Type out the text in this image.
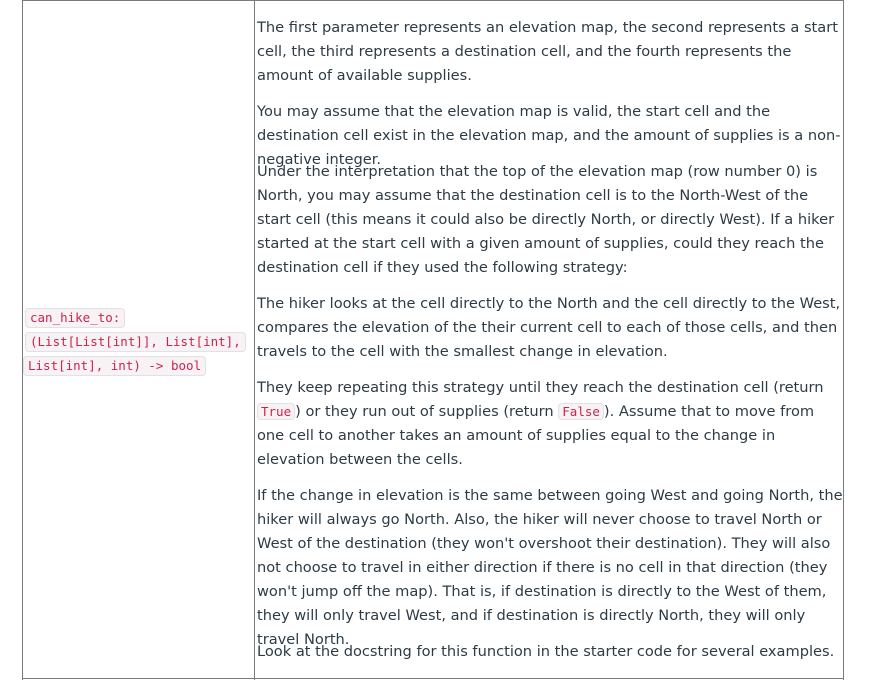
can_hike_to:
(List[List[int]], List[int],
List[int], int) -> bool

The first parameter represents an elevation map, the second represents a start cell, the third represents a destination cell, and the fourth represents the amount of available supplies.

You may assume that the elevation map is valid, the start cell and the destination cell exist in the elevation map, and the amount of supplies is a non-negative integer.

Under the interpretation that the top of the elevation map (row number 0) is North, you may assume that the destination cell is to the North-West of the start cell (this means it could also be directly North, or directly West). If a hiker started at the start cell with a given amount of supplies, could they reach the destination cell if they used the following strategy:

The hiker looks at the cell directly to the North and the cell directly to the West, compares the elevation of the their current cell to each of those cells, and then travels to the cell with the smallest change in elevation.

They keep repeating this strategy until they reach the destination cell (return True ) or they run out of supplies (return False ). Assume that to move from one cell to another takes an amount of supplies equal to the change in elevation between the cells.

If the change in elevation is the same between going West and going North, the hiker will always go North. Also, the hiker will never choose to travel North or West of the destination (they won't overshoot their destination). They will also not choose to travel in either direction if there is no cell in that direction (they won't jump off the map). That is, if destination is directly to the West of them, they will only travel West, and if destination is directly North, they will only travel North.

Look at the docstring for this function in the starter code for several examples.
